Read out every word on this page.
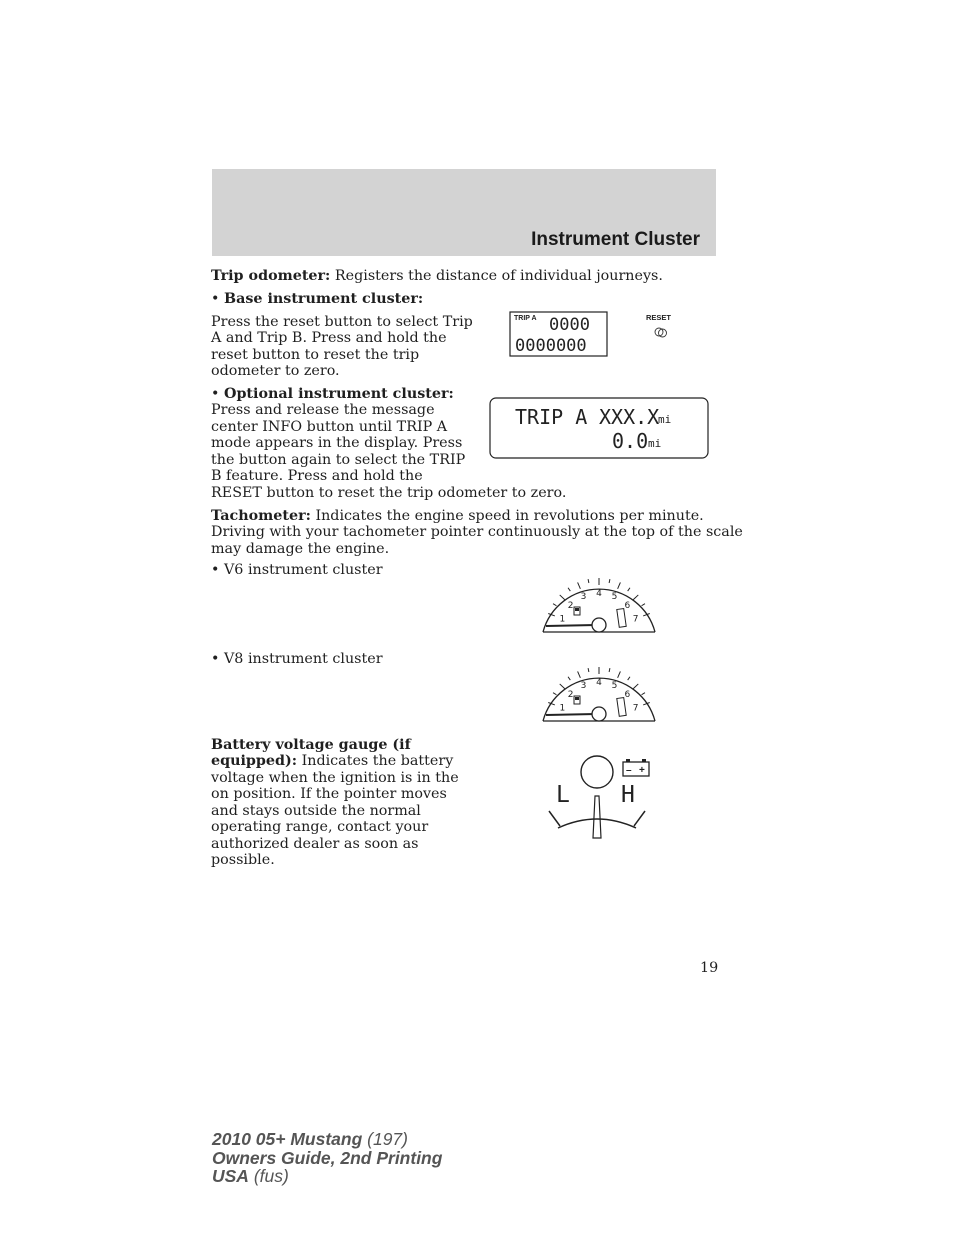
Instrument Cluster

Trip odometer: Registers the distance of individual journeys.

• Base instrument cluster:

Press the reset button to select Trip
A and Trip B. Press and hold the
reset button to reset the trip
odometer to zero.
TRIP A 0000
0000000
RESET
• Optional instrument cluster:
Press and release the message
center INFO button until TRIP A
mode appears in the display. Press
the button again to select the TRIP
B feature. Press and hold the
RESET button to reset the trip odometer to zero.
TRIP A XXX.X
mi
0.0 mi
Tachometer: Indicates the engine speed in revolutions per minute.
Driving with your tachometer pointer continuously at the top of the scale
may damage the engine.

• V6 instrument cluster

• V8 instrument cluster

1
2
3 4 5
6
7
1
2
3 4 5
6
7
Battery voltage gauge (if
equipped): Indicates the battery
voltage when the ignition is in the
on position. If the pointer moves
and stays outside the normal
operating range, contact your
authorized dealer as soon as
possible.
L H
– +
19
2010 05+ Mustang (197)
Owners Guide, 2nd Printing
USA (fus)
